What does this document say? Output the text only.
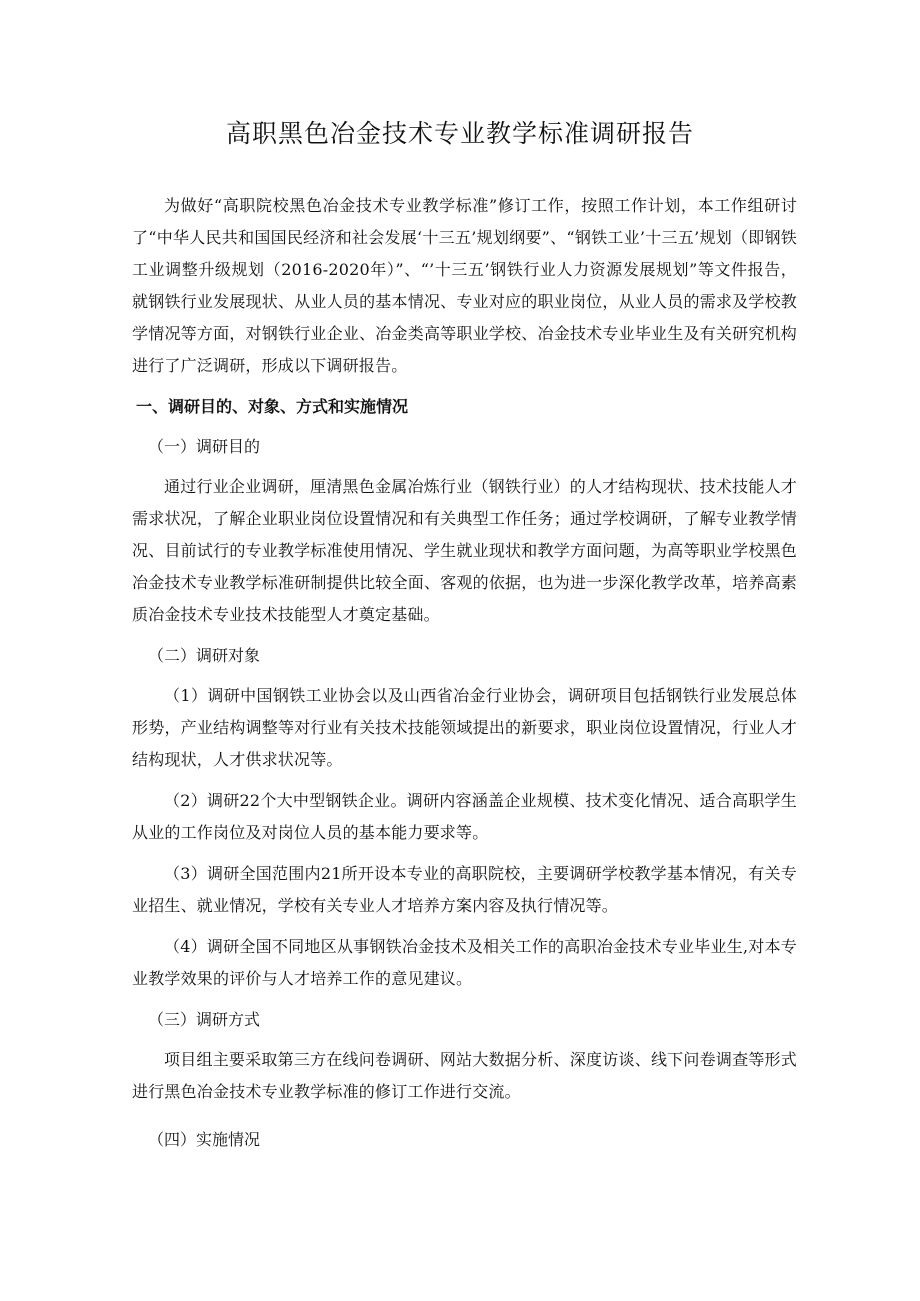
高职黑色冶金技术专业教学标准调研报告

为做好“高职院校黑色冶金技术专业教学标准”修订工作，按照工作计划，本工作组研讨了“中华人民共和国国民经济和社会发展‘十三五’规划纲要”、“钢铁工业’十三五’规划（即钢铁工业调整升级规划（2016-2020年）”、“’十三五’钢铁行业人力资源发展规划”等文件报告，就钢铁行业发展现状、从业人员的基本情况、专业对应的职业岗位，从业人员的需求及学校教学情况等方面，对钢铁行业企业、冶金类高等职业学校、冶金技术专业毕业生及有关研究机构进行了广泛调研，形成以下调研报告。

一、调研目的、对象、方式和实施情况

（一）调研目的

通过行业企业调研，厘清黑色金属冶炼行业（钢铁行业）的人才结构现状、技术技能人才需求状况，了解企业职业岗位设置情况和有关典型工作任务；通过学校调研，了解专业教学情况、目前试行的专业教学标准使用情况、学生就业现状和教学方面问题，为高等职业学校黑色冶金技术专业教学标准研制提供比较全面、客观的依据，也为进一步深化教学改革，培养高素质冶金技术专业技术技能型人才奠定基础。

（二）调研对象

（1）调研中国钢铁工业协会以及山西省冶金行业协会，调研项目包括钢铁行业发展总体形势，产业结构调整等对行业有关技术技能领域提出的新要求，职业岗位设置情况，行业人才结构现状，人才供求状况等。

（2）调研22个大中型钢铁企业。调研内容涵盖企业规模、技术变化情况、适合高职学生从业的工作岗位及对岗位人员的基本能力要求等。

（3）调研全国范围内21所开设本专业的高职院校，主要调研学校教学基本情况，有关专业招生、就业情况，学校有关专业人才培养方案内容及执行情况等。

（4）调研全国不同地区从事钢铁冶金技术及相关工作的高职冶金技术专业毕业生,对本专业教学效果的评价与人才培养工作的意见建议。

（三）调研方式

项目组主要采取第三方在线问卷调研、网站大数据分析、深度访谈、线下问卷调查等形式进行黑色冶金技术专业教学标准的修订工作进行交流。

（四）实施情况
